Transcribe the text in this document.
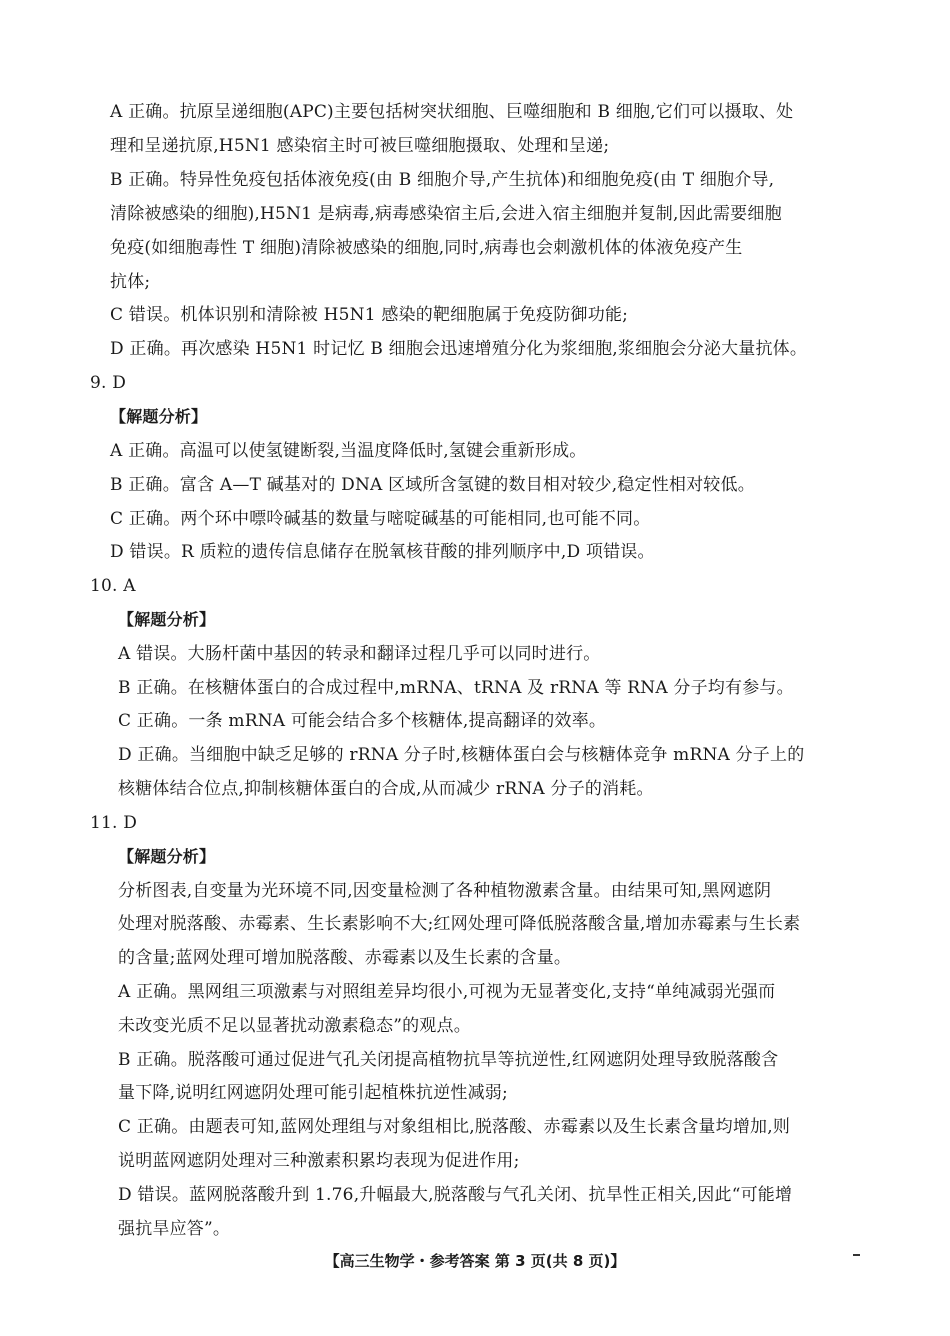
A 正确。抗原呈递细胞(APC)主要包括树突状细胞、巨噬细胞和 B 细胞,它们可以摄取、处
理和呈递抗原,H5N1 感染宿主时可被巨噬细胞摄取、处理和呈递;
B 正确。特异性免疫包括体液免疫(由 B 细胞介导,产生抗体)和细胞免疫(由 T 细胞介导,
清除被感染的细胞),H5N1 是病毒,病毒感染宿主后,会进入宿主细胞并复制,因此需要细胞
免疫(如细胞毒性 T 细胞)清除被感染的细胞,同时,病毒也会刺激机体的体液免疫产生
抗体;
C 错误。机体识别和清除被 H5N1 感染的靶细胞属于免疫防御功能;
D 正确。再次感染 H5N1 时记忆 B 细胞会迅速增殖分化为浆细胞,浆细胞会分泌大量抗体。
9. D
【解题分析】
A 正确。高温可以使氢键断裂,当温度降低时,氢键会重新形成。
B 正确。富含 A—T 碱基对的 DNA 区域所含氢键的数目相对较少,稳定性相对较低。
C 正确。两个环中嘌呤碱基的数量与嘧啶碱基的可能相同,也可能不同。
D 错误。R 质粒的遗传信息储存在脱氧核苷酸的排列顺序中,D 项错误。
10. A
【解题分析】
A 错误。大肠杆菌中基因的转录和翻译过程几乎可以同时进行。
B 正确。在核糖体蛋白的合成过程中,mRNA、tRNA 及 rRNA 等 RNA 分子均有参与。
C 正确。一条 mRNA 可能会结合多个核糖体,提高翻译的效率。
D 正确。当细胞中缺乏足够的 rRNA 分子时,核糖体蛋白会与核糖体竞争 mRNA 分子上的
核糖体结合位点,抑制核糖体蛋白的合成,从而减少 rRNA 分子的消耗。
11. D
【解题分析】
分析图表,自变量为光环境不同,因变量检测了各种植物激素含量。由结果可知,黑网遮阴
处理对脱落酸、赤霉素、生长素影响不大;红网处理可降低脱落酸含量,增加赤霉素与生长素
的含量;蓝网处理可增加脱落酸、赤霉素以及生长素的含量。
A 正确。黑网组三项激素与对照组差异均很小,可视为无显著变化,支持“单纯减弱光强而
未改变光质不足以显著扰动激素稳态”的观点。
B 正确。脱落酸可通过促进气孔关闭提高植物抗旱等抗逆性,红网遮阴处理导致脱落酸含
量下降,说明红网遮阴处理可能引起植株抗逆性减弱;
C 正确。由题表可知,蓝网处理组与对象组相比,脱落酸、赤霉素以及生长素含量均增加,则
说明蓝网遮阴处理对三种激素积累均表现为促进作用;
D 错误。蓝网脱落酸升到 1.76,升幅最大,脱落酸与气孔关闭、抗旱性正相关,因此“可能增
强抗旱应答”。
【高三生物学・参考答案 第 3 页(共 8 页)】
